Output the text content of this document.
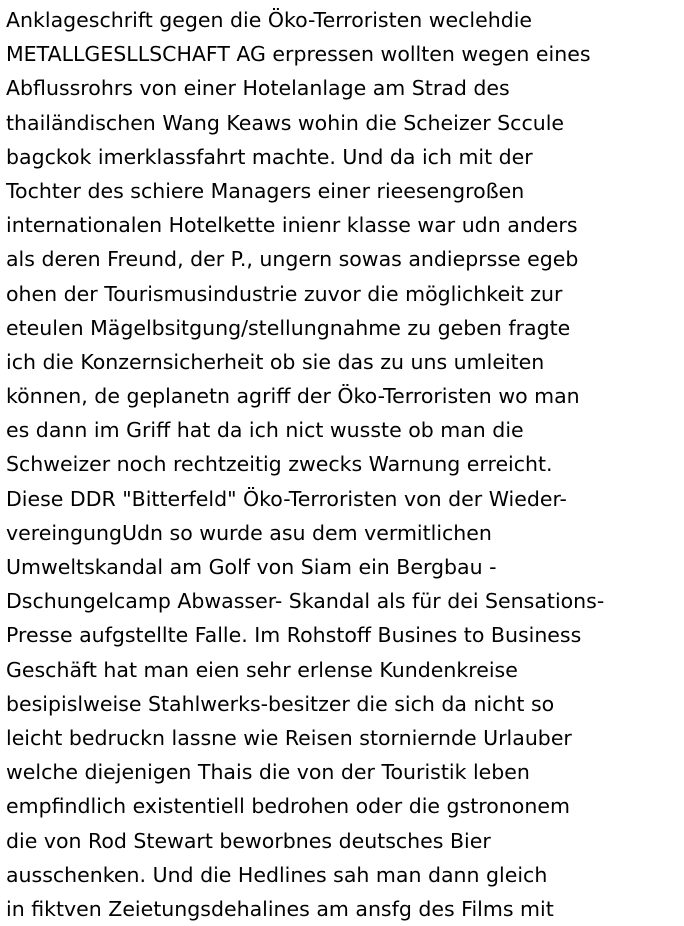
Anklageschrift gegen die Öko-Terroristen weclehdie
METALLGESLLSCHAFT AG erpressen wollten wegen eines
Abflussrohrs von einer Hotelanlage am Strad des
thailändischen Wang Keaws wohin die Scheizer Sccule
bagckok imerklassfahrt machte. Und da ich mit der
Tochter des schiere Managers einer rieesengroßen
internationalen Hotelkette inienr klasse war udn anders
als deren Freund, der P., ungern sowas andieprsse egeb
ohen der Tourismusindustrie zuvor die möglichkeit zur
eteulen Mägelbsitgung/stellungnahme zu geben fragte
ich die Konzernsicherheit ob sie das zu uns umleiten
können, de geplanetn agriff der Öko-Terroristen wo man
es dann im Griff hat da ich nict wusste ob man die
Schweizer noch rechtzeitig zwecks Warnung erreicht.
Diese DDR "Bitterfeld" Öko-Terroristen von der Wieder-
vereingungUdn so wurde asu dem vermitlichen
Umweltskandal am Golf von Siam ein Bergbau -
Dschungelcamp Abwasser- Skandal als für dei Sensations-
Presse aufgstellte Falle. Im Rohstoff Busines to Business
Geschäft hat man eien sehr erlense Kundenkreise
besipislweise Stahlwerks-besitzer die sich da nicht so
leicht bedruckn lassne wie Reisen storniernde Urlauber
welche diejenigen Thais die von der Touristik leben
empfindlich existentiell bedrohen oder die gstrononem
die von Rod Stewart beworbnes deutsches Bier
ausschenken. Und die Hedlines sah man dann gleich
in fiktven Zeietungsdehalines am ansfg des Films mit
